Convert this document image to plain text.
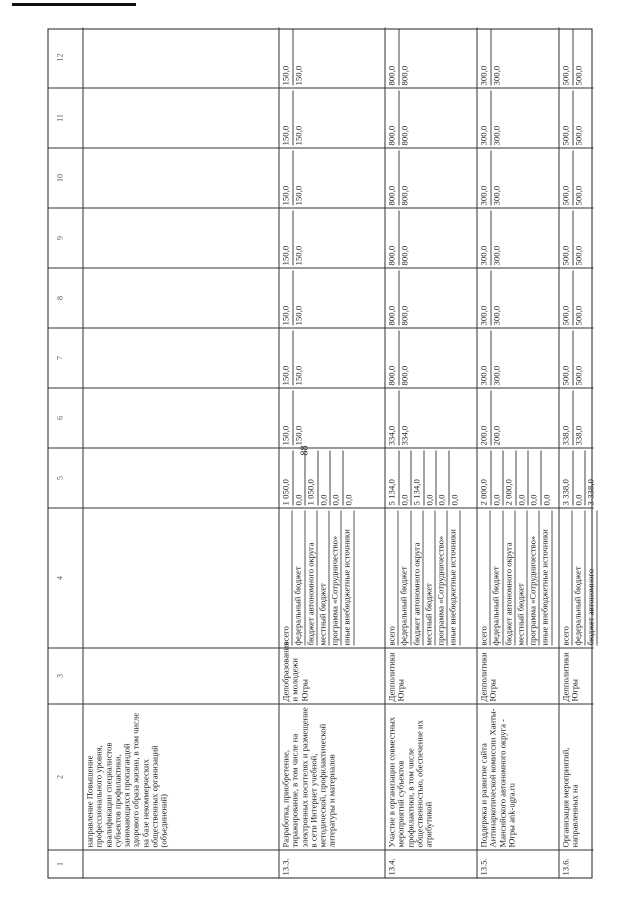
88
1
2
3
4
5
6
7
8
9
10
11
12
направление Повышение профессионального уровня, квалификации специалистов субъектов профилактики, занимающихся пропагандой здорового образа жизни, в том числе на базе некоммерческих общественных организаций (объединений)
13.3.
Разработка, приобретение, тиражирование, в том числе на электронных носителях и размещение в сети Интернет учебной, методической, профилактической литературы и материалов
Депобразования и молодежи Югры
всего федеральный бюджет бюджет автономного округа местный бюджет программа «Сотрудничество» иные внебюджетные источники
1 050,0 0,0 1 050,0 0,0 0,0 0,0
150,0 150,0
150,0 150,0
150,0 150,0
150,0 150,0
150,0 150,0
150,0 150,0
150,0 150,0
13.4.
Участие в организации совместных мероприятий субъектов профилактики, в том числе общественностью, обеспечение их атрибутикой
Депполитики Югры
всего федеральный бюджет бюджет автономного округа местный бюджет программа «Сотрудничество» иные внебюджетные источники
5 134,0 0,0 5 134,0 0,0 0,0 0,0
334,0 334,0
800,0 800,0
800,0 800,0
800,0 800,0
800,0 800,0
800,0 800,0
800,0 800,0
13.5.
Поддержка и развитие сайта Антинаркотической комиссии Ханты-Мансийского автономного округа - Югры ank-ugra.ru
Депполитики Югры
всего федеральный бюджет бюджет автономного округа местный бюджет программа «Сотрудничество» иные внебюджетные источники
2 000,0 0,0 2 000,0 0,0 0,0 0,0
200,0 200,0
300,0 300,0
300,0 300,0
300,0 300,0
300,0 300,0
300,0 300,0
300,0 300,0
13.6.
Организация мероприятий, направленных на
Депполитики Югры
всего федеральный бюджет бюджет автономного
3 338,0 0,0 3 338,0
338,0 338,0
500,0 500,0
500,0 500,0
500,0 500,0
500,0 500,0
500,0 500,0
500,0 500,0
